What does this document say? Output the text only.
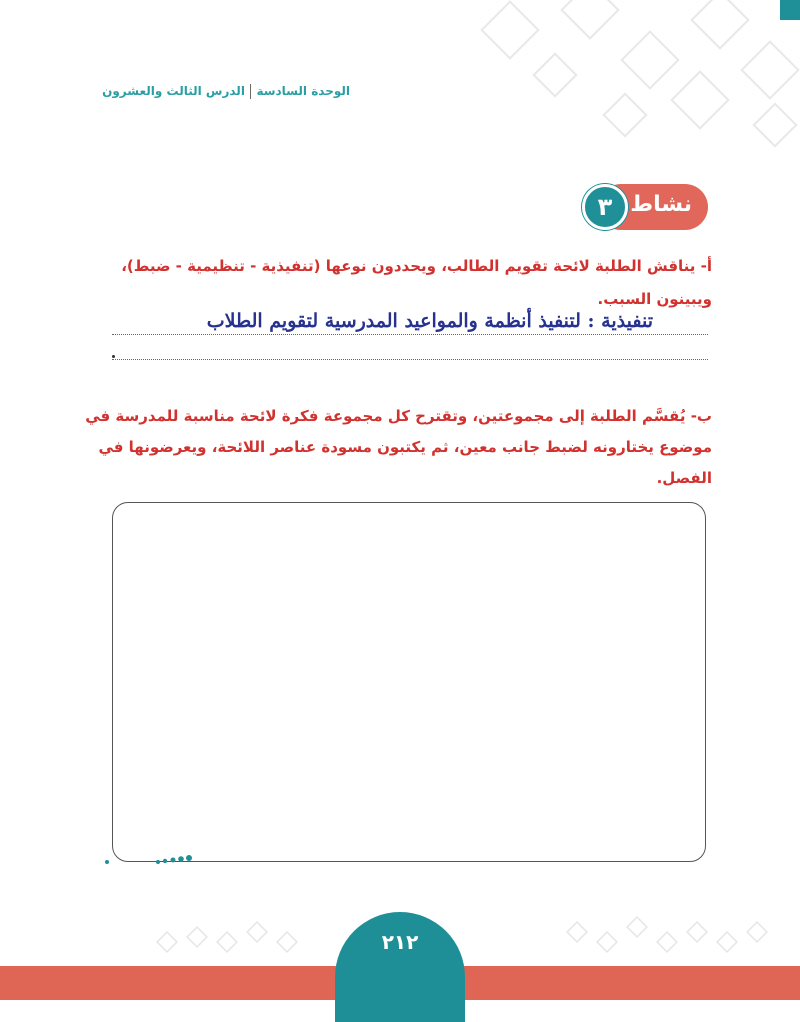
الوحدة السادسةالدرس الثالث والعشرون
نشاط
٣
أ- يناقش الطلبة لائحة تقويم الطالب، ويحددون نوعها (تنفيذية - تنظيمية - ضبط)، ويبينون السبب.
تنفيذية : لتنفيذ أنظمة والمواعيد المدرسية لتقويم الطلاب
ب- يُقسَّم الطلبة إلى مجموعتين، وتقترح كل مجموعة فكرة لائحة مناسبة للمدرسة في موضوع يختارونه لضبط جانب معين، ثم يكتبون مسودة عناصر اللائحة، ويعرضونها في الفصل.
٢١٢
